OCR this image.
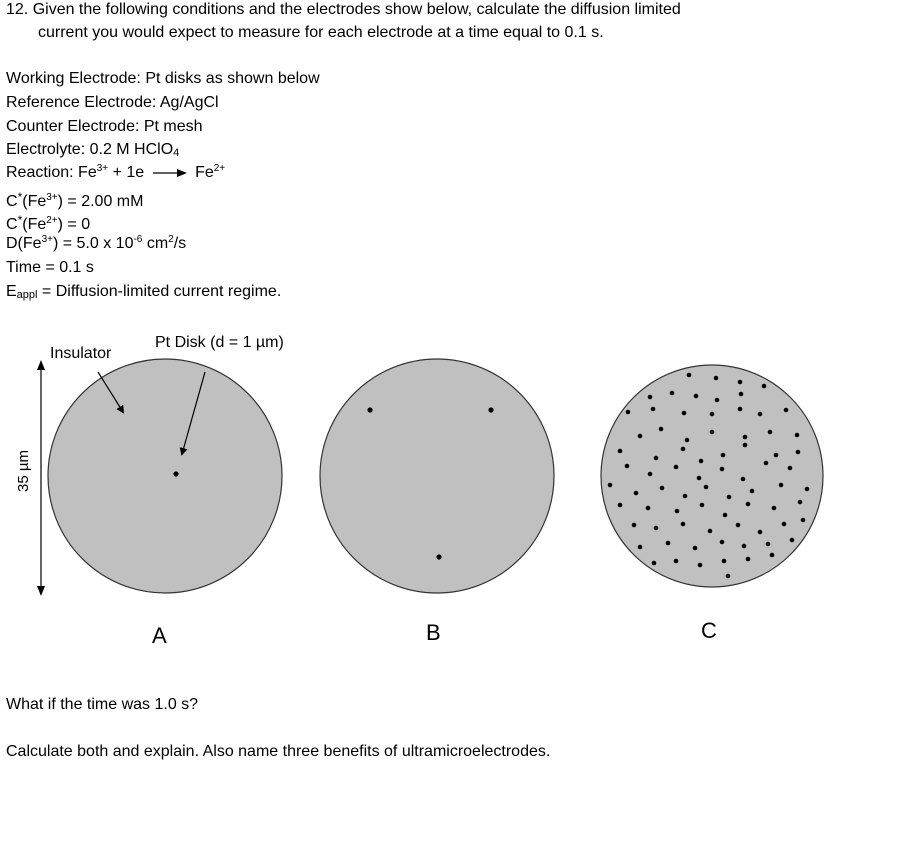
12. Given the following conditions and the electrodes show below, calculate the diffusion limited
current you would expect to measure for each electrode at a time equal to 0.1 s.
Working Electrode: Pt disks as shown below
Reference Electrode: Ag/AgCl
Counter Electrode: Pt mesh
Electrolyte: 0.2 M HClO$_4$
Reaction: $Fe^{3+} + 1e \to Fe^{2+}$
$C^*(Fe^{3+}) = 2.00$ mM
$C^*(Fe^{2+}) = 0$
$D(Fe^{3+}) = 5.0$ x $10^{-6}$ $cm^2/s$
Time = 0.1 s
$E_{appl}$ = Diffusion-limited current regime.
Pt Disk (d = 1 µm)
Insulator
35 µm
A	B	C
What if the time was 1.0 s?
Calculate both and explain. Also name three benefits of ultramicroelectrodes.
